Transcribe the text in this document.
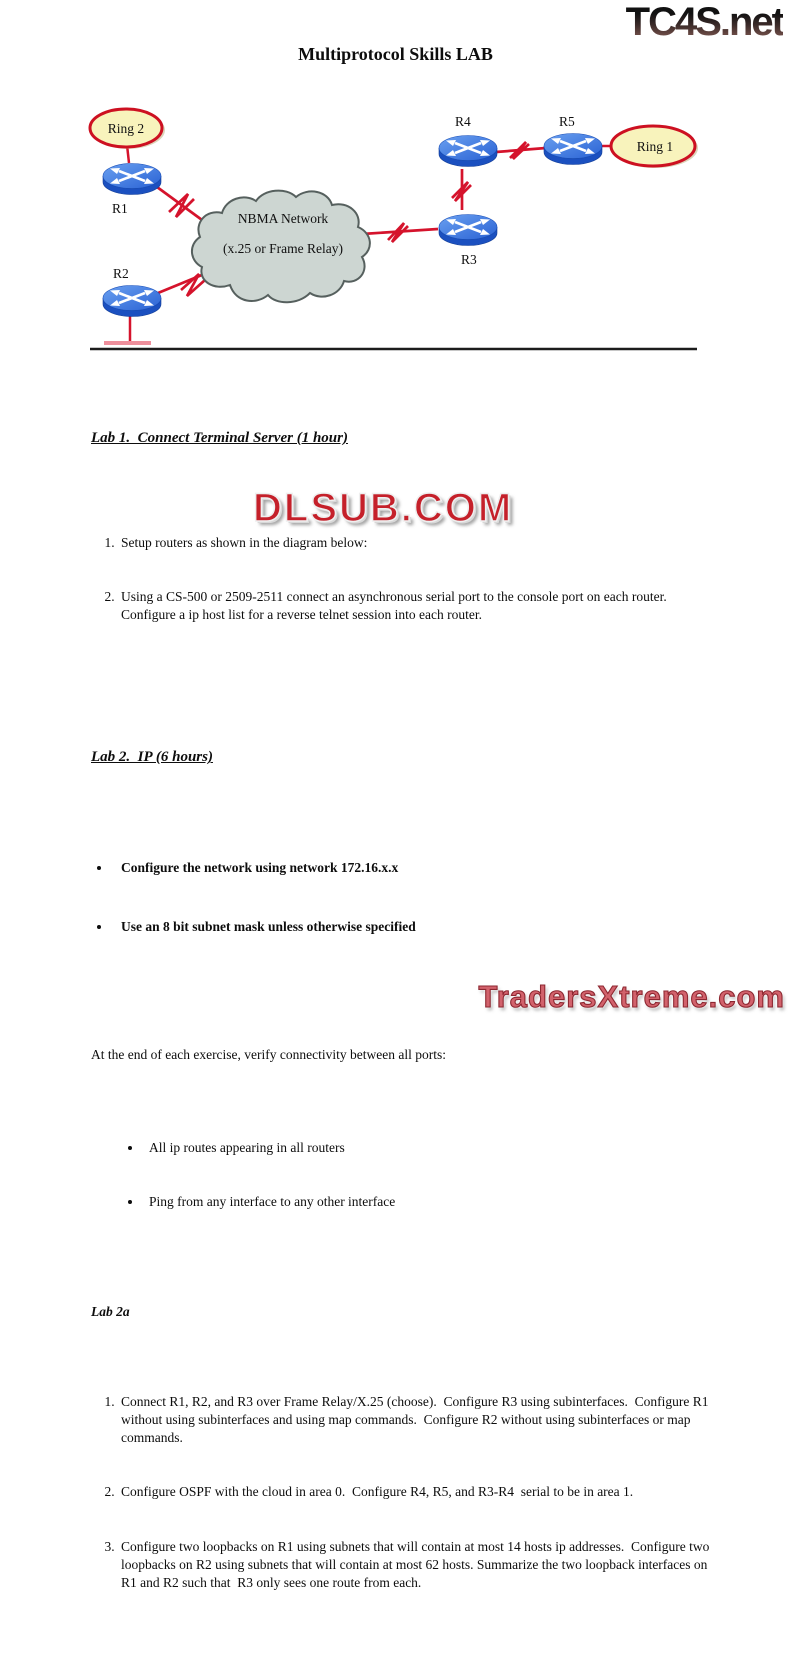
TC4S.net
Multiprotocol Skills LAB
NBMA Network
(x.25 or Frame Relay)
Ring 2
Ring 1
R1
R2
R3
R4	R5

Lab 1.  Connect Terminal Server (1 hour)

1. Setup routers as shown in the diagram below:

2. Using a CS-500 or 2509-2511 connect an asynchronous serial port to the console port on each router.  Configure a ip host list for a reverse telnet session into each router.

Lab 2.  IP (6 hours)

• Configure the network using network 172.16.x.x

• Use an 8 bit subnet mask unless otherwise specified

At the end of each exercise, verify connectivity between all ports:

• All ip routes appearing in all routers

• Ping from any interface to any other interface

Lab 2a

1. Connect R1, R2, and R3 over Frame Relay/X.25 (choose).  Configure R3 using subinterfaces.  Configure R1 without using subinterfaces and using map commands.  Configure R2 without using subinterfaces or map commands.

2. Configure OSPF with the cloud in area 0.  Configure R4, R5, and R3-R4  serial to be in area 1.

3. Configure two loopbacks on R1 using subnets that will contain at most 14 hosts ip addresses.  Configure two loopbacks on R2 using subnets that will contain at most 62 hosts. Summarize the two loopback interfaces on R1 and R2 such that  R3 only sees one route from each.

DLSUB.COM
TradersXtreme.com
